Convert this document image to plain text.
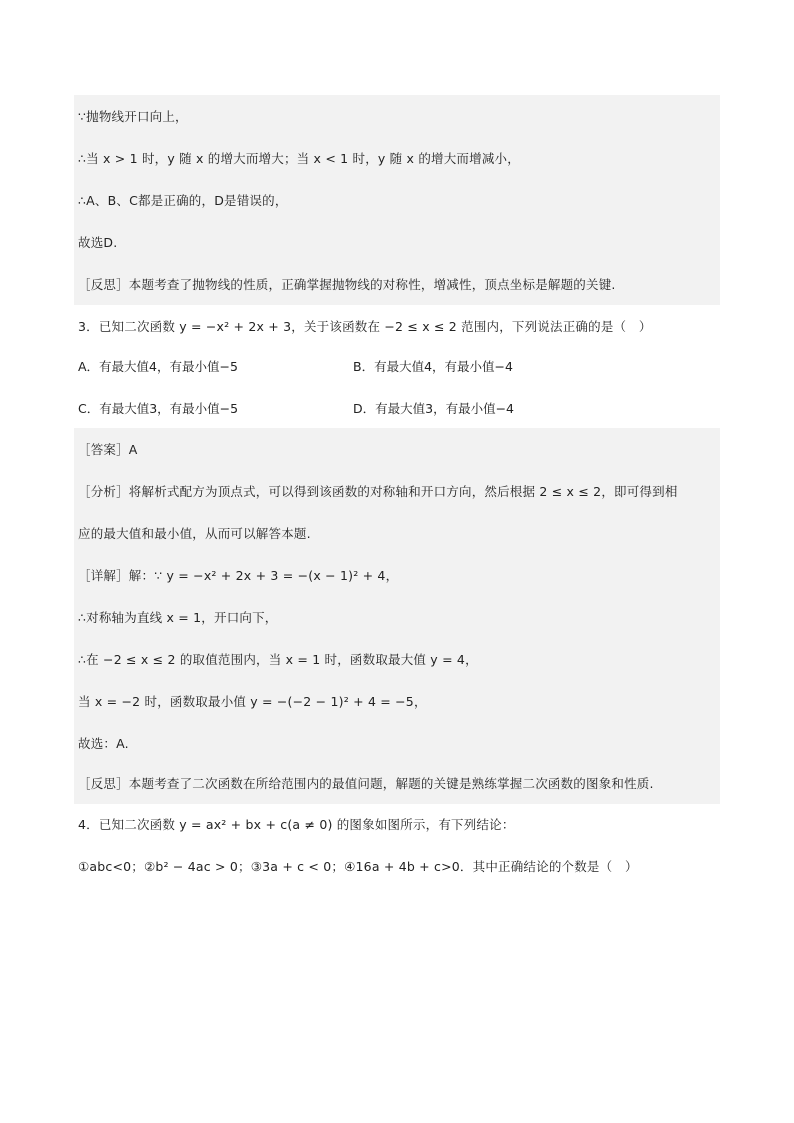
∵抛物线开口向上，
∴当 x > 1 时，y 随 x 的增大而增大；当 x < 1 时，y 随 x 的增大而增减小，
∴A、B、C都是正确的，D是错误的，
故选D.
［反思］本题考查了抛物线的性质，正确掌握抛物线的对称性，增减性，顶点坐标是解题的关键.
3．已知二次函数 y = −x² + 2x + 3，关于该函数在 −2 ≤ x ≤ 2 范围内，下列说法正确的是（　）
A．有最大值4，有最小值−5	B．有最大值4，有最小值−4
C．有最大值3，有最小值−5	D．有最大值3，有最小值−4
［答案］A
［分析］将解析式配方为顶点式，可以得到该函数的对称轴和开口方向，然后根据 2 ≤ x ≤ 2，即可得到相
应的最大值和最小值，从而可以解答本题.
［详解］解：∵ y = −x² + 2x + 3 = −(x − 1)² + 4，
∴对称轴为直线 x = 1，开口向下，
∴在 −2 ≤ x ≤ 2 的取值范围内，当 x = 1 时，函数取最大值 y = 4，
当 x = −2 时，函数取最小值 y = −(−2 − 1)² + 4 = −5，
故选：A.
［反思］本题考查了二次函数在所给范围内的最值问题，解题的关键是熟练掌握二次函数的图象和性质.
4．已知二次函数 y = ax² + bx + c(a ≠ 0) 的图象如图所示，有下列结论：
①abc<0；②b² − 4ac > 0；③3a + c < 0；④16a + 4b + c>0．其中正确结论的个数是（　）
